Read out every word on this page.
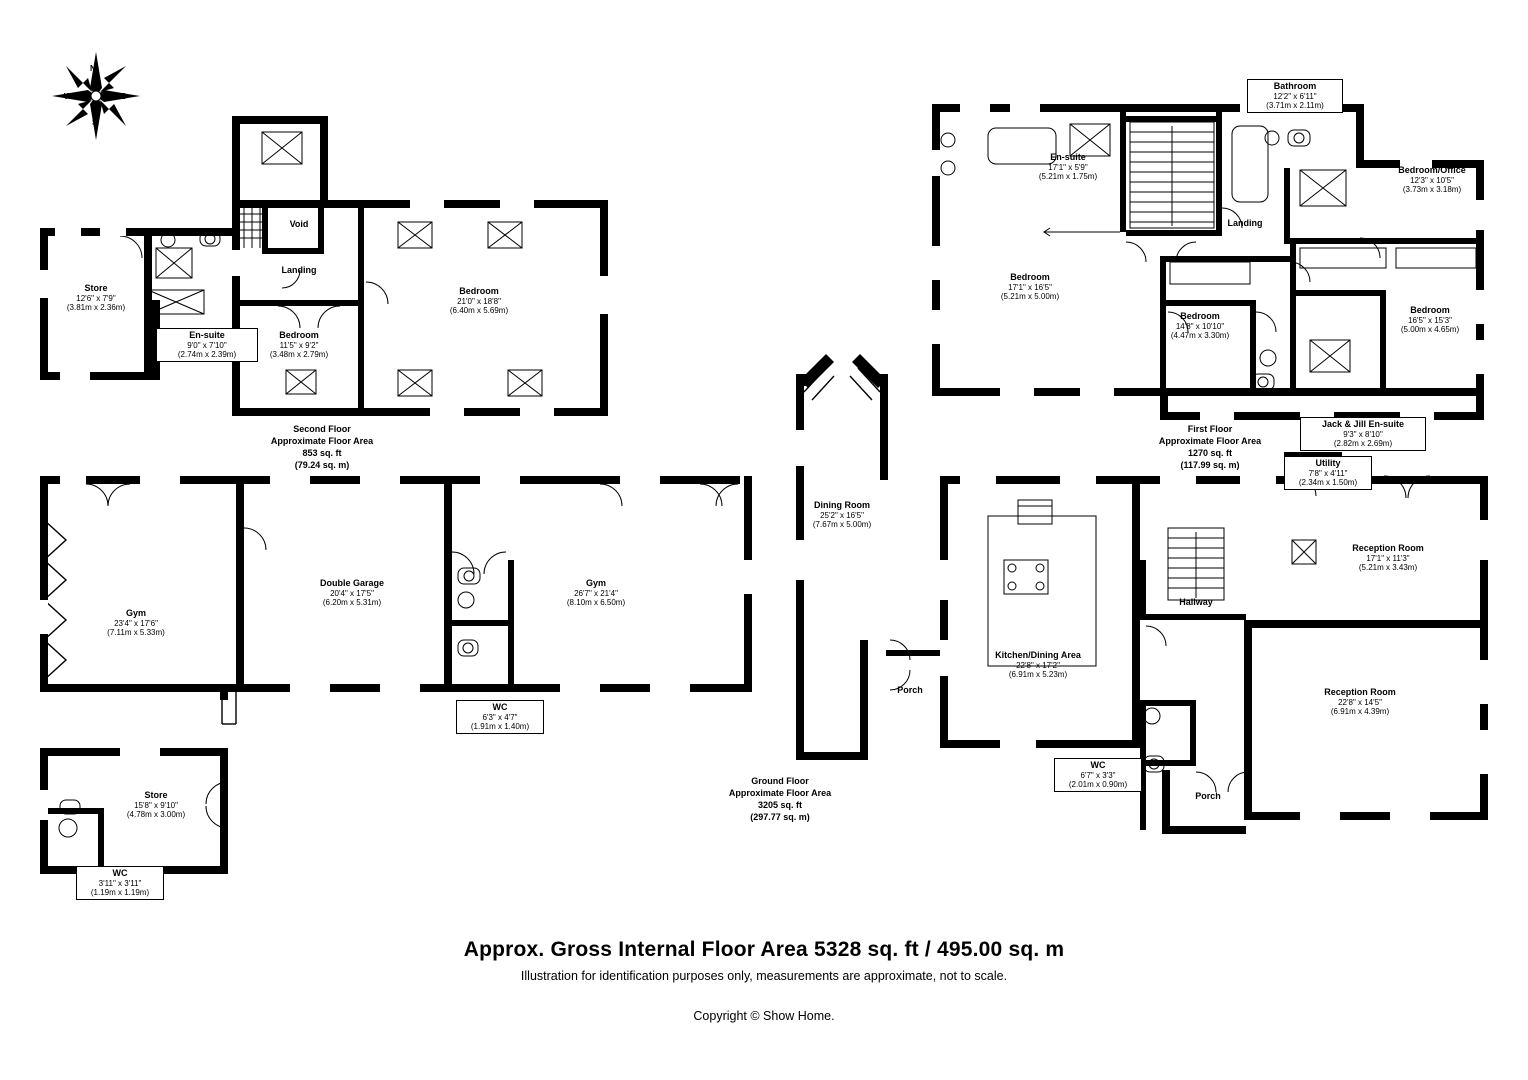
N
E
S
W
Store
12'6" x 7'9"
(3.81m x 2.36m)
En-suite
9'0" x 7'10"
(2.74m x 2.39m)
Void
Landing
Bedroom
11'5" x 9'2"
(3.48m x 2.79m)
Bedroom
21'0" x 18'8"
(6.40m x 5.69m)
Second Floor
Approximate Floor Area
853 sq. ft
(79.24 sq. m)
Bathroom
12'2" x 6'11"
(3.71m x 2.11m)
En-suite
17'1" x 5'9"
(5.21m x 1.75m)
Bedroom/Office
12'3" x 10'5"
(3.73m x 3.18m)
Landing
Bedroom
17'1" x 16'5"
(5.21m x 5.00m)
Bedroom
14'8" x 10'10"
(4.47m x 3.30m)
Bedroom
16'5" x 15'3"
(5.00m x 4.65m)
Jack & Jill En-suite
9'3" x 8'10"
(2.82m x 2.69m)
First Floor
Approximate Floor Area
1270 sq. ft
(117.99 sq. m)	Utility
7'8" x 4'11"
(2.34m x 1.50m)
Gym
23'4" x 17'6"
(7.11m x 5.33m)
Double Garage
20'4" x 17'5"
(6.20m x 5.31m)
Gym
26'7" x 21'4"
(8.10m x 6.50m)
WC
6'3" x 4'7"
(1.91m x 1.40m)
Store
15'8" x 9'10"
(4.78m x 3.00m)
WC
3'11" x 3'11"
(1.19m x 1.19m)
Dining Room
25'2" x 16'5"
(7.67m x 5.00m)
Kitchen/Dining Area
22'8" x 17'2"
(6.91m x 5.23m)
Porch
Hallway
Reception Room
17'1" x 11'3"
(5.21m x 3.43m)
Reception Room
22'8" x 14'5"
(6.91m x 4.39m)
WC
6'7" x 3'3"
(2.01m x 0.90m)
Porch
Ground Floor
Approximate Floor Area
3205 sq. ft
(297.77 sq. m)
Approx. Gross Internal Floor Area 5328 sq. ft / 495.00 sq. m
Illustration for identification purposes only, measurements are approximate, not to scale.
Copyright © Show Home.
